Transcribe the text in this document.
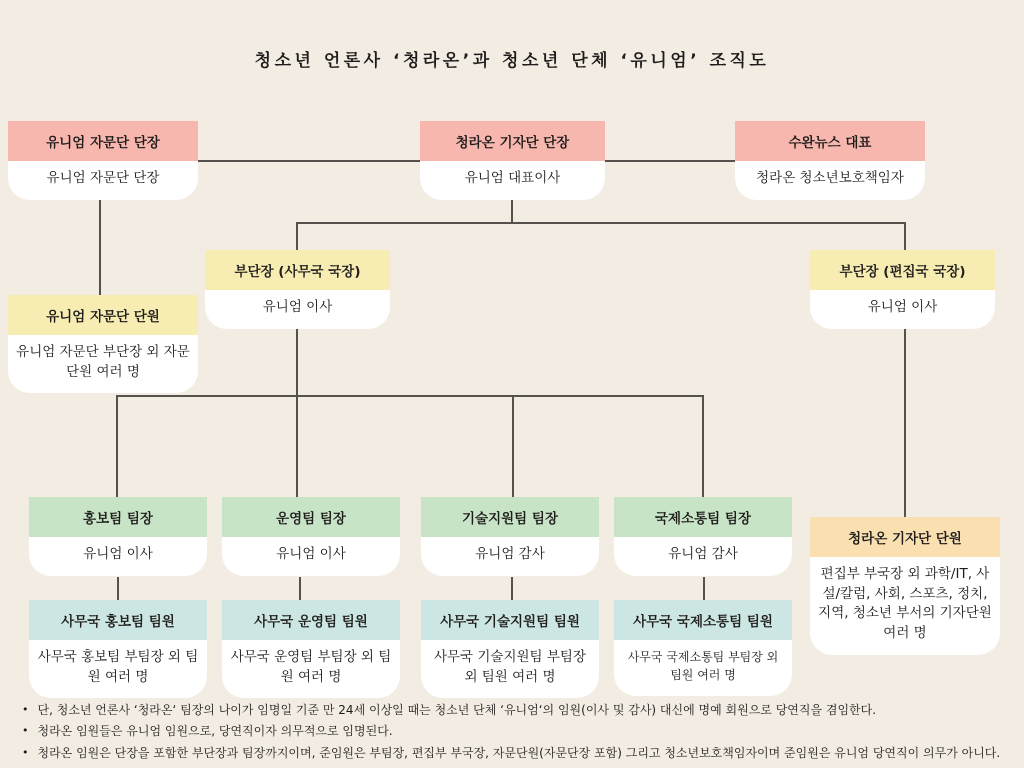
청소년 언론사 ‘청라온’과 청소년 단체 ‘유니엄’ 조직도
유니엄 자문단 단장
유니엄 자문단 단장
청라온 기자단 단장
유니엄 대표이사
수완뉴스 대표
청라온 청소년보호책임자
유니엄 자문단 단원
유니엄 자문단 부단장 외 자문단원 여러 명
부단장 (사무국 국장)
유니엄 이사
부단장 (편집국 국장)
유니엄 이사
홍보팀 팀장
유니엄 이사
운영팀 팀장
유니엄 이사
기술지원팀 팀장
유니엄 감사
국제소통팀 팀장
유니엄 감사
사무국 홍보팀 팀원
사무국 홍보팀 부팀장 외 팀원 여러 명
사무국 운영팀 팀원
사무국 운영팀 부팀장 외 팀원 여러 명
사무국 기술지원팀 팀원
사무국 기술지원팀 부팀장 외 팀원 여러 명
사무국 국제소통팀 팀원
사무국 국제소통팀 부팀장 외 팀원 여러 명
청라온 기자단 단원
편집부 부국장 외 과학/IT, 사설/칼럼, 사회, 스포츠, 정치, 지역, 청소년 부서의 기자단원 여러 명
• 단, 청소년 언론사 ‘청라온‘ 팀장의 나이가 임명일 기준 만 24세 이상일 때는 청소년 단체 ‘유니엄‘의 임원(이사 및 감사) 대신에 명예 회원으로 당연직을 겸임한다.
• 청라온 임원들은 유니엄 임원으로, 당연직이자 의무적으로 임명된다.
• 청라온 임원은 단장을 포함한 부단장과 팀장까지이며, 준임원은 부팀장, 편집부 부국장, 자문단원(자문단장 포함) 그리고 청소년보호책임자이며 준임원은 유니엄 당연직이 의무가 아니다.
